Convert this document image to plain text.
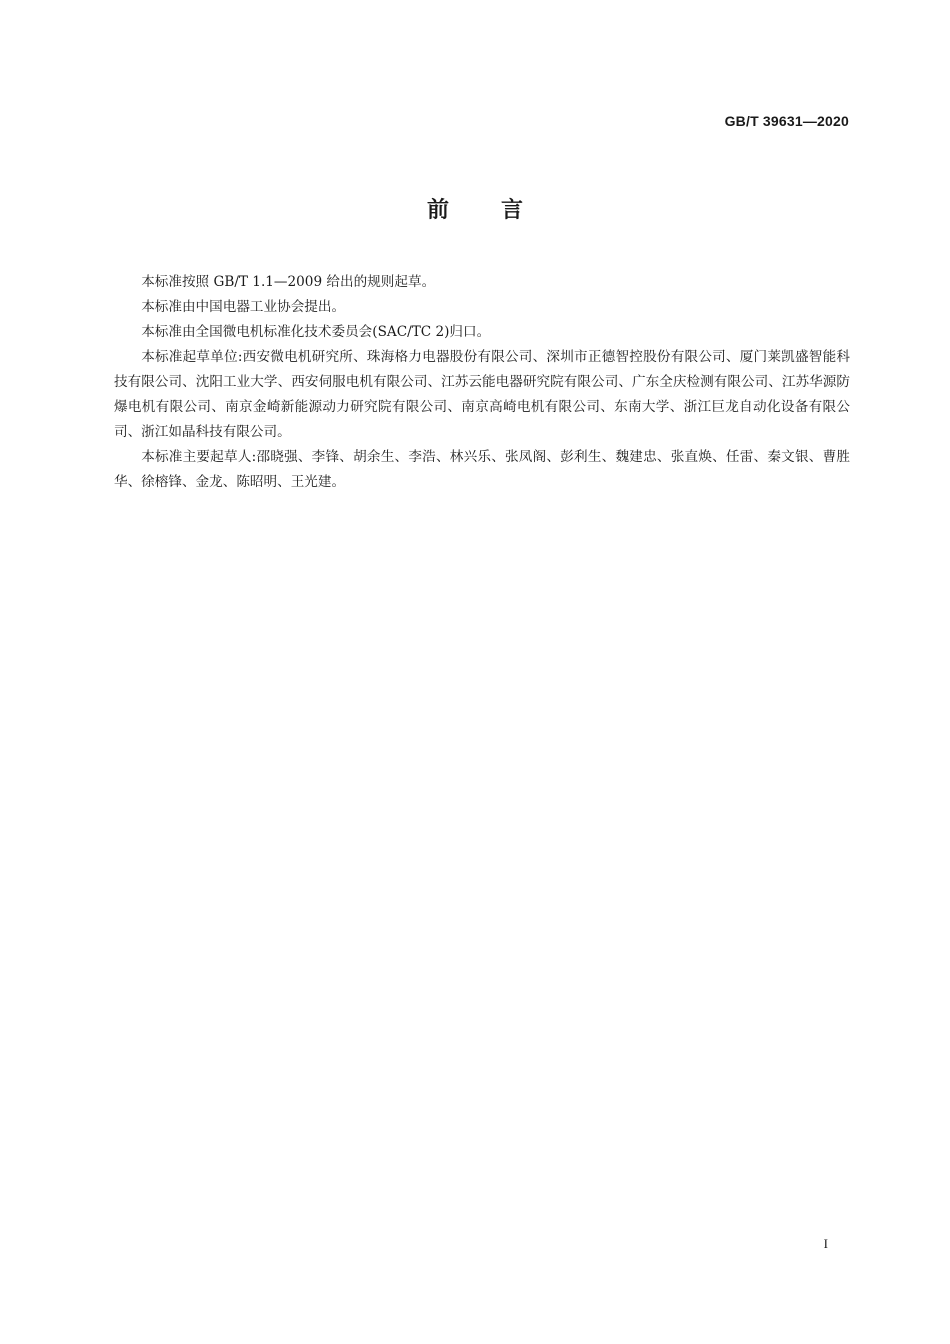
GB/T 39631—2020
前言

本标准按照 GB/T 1.1—2009 给出的规则起草。

本标准由中国电器工业协会提出。

本标准由全国微电机标准化技术委员会(SAC/TC 2)归口。

本标准起草单位:西安微电机研究所、珠海格力电器股份有限公司、深圳市正德智控股份有限公司、厦门莱凯盛智能科技有限公司、沈阳工业大学、西安伺服电机有限公司、江苏云能电器研究院有限公司、广东全庆检测有限公司、江苏华源防爆电机有限公司、南京金崎新能源动力研究院有限公司、南京高崎电机有限公司、东南大学、浙江巨龙自动化设备有限公司、浙江如晶科技有限公司。

本标准主要起草人:邵晓强、李锋、胡余生、李浩、林兴乐、张凤阁、彭利生、魏建忠、张直焕、任雷、秦文银、曹胜华、徐榕锋、金龙、陈昭明、王光建。

I
